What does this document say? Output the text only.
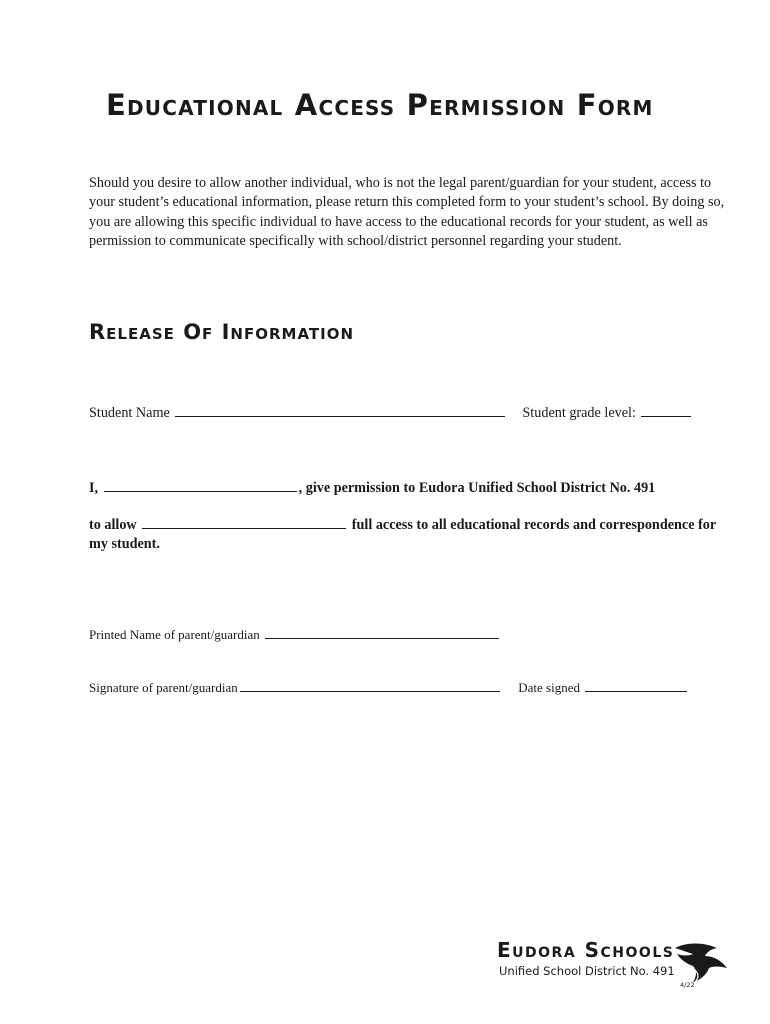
Educational Access Permission Form

Should you desire to allow another individual, who is not the legal parent/guardian for your student, access to your student’s educational information, please return this completed form to your student’s school. By doing so, you are allowing this specific individual to have access to the educational records for your student, as well as permission to communicate specifically with school/district personnel regarding your student.

Release Of Information
Student Name	Student grade level:
I,	, give permission to Eudora Unified School District No. 491
to allow	full access to all educational records and correspondence for my student.
Printed Name of parent/guardian
Signature of parent/guardian	Date signed
Eudora Schools
Unified School District No. 491
4/22
